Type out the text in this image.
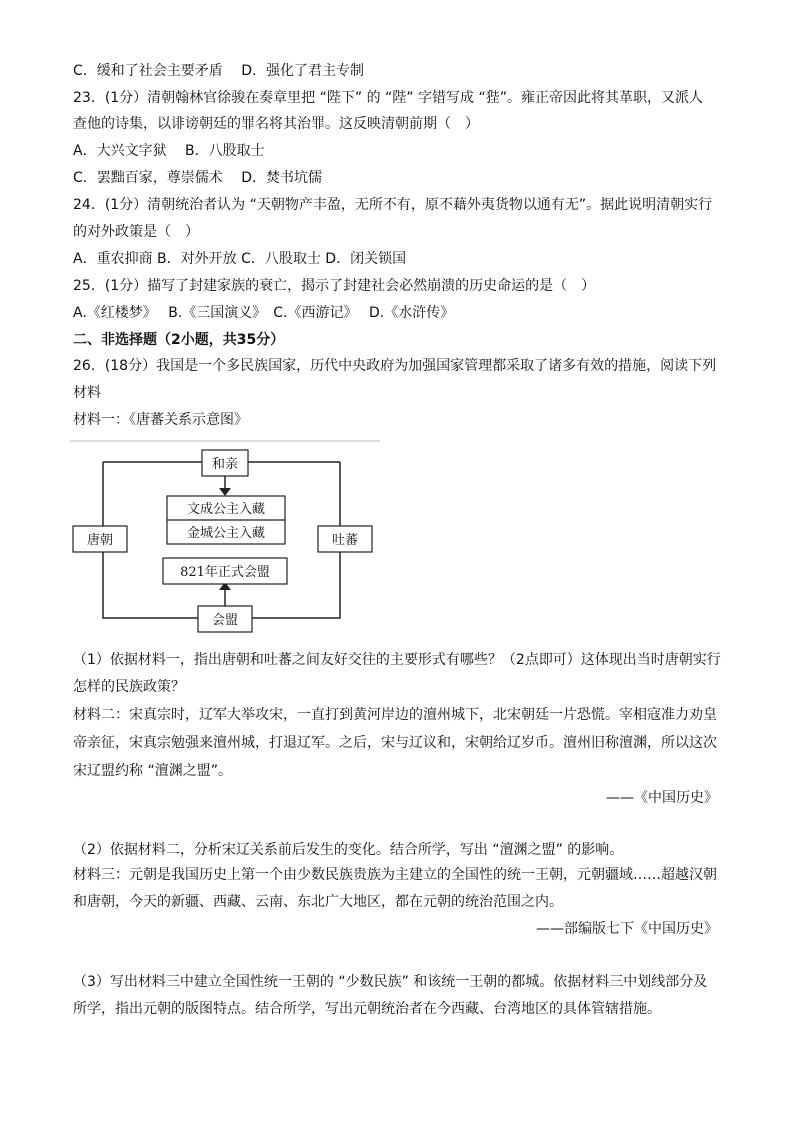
C．缓和了社会主要矛盾　 D．强化了君主专制
23．(1分）清朝翰林官徐骏在奏章里把 “陛下” 的 “陛” 字错写成 “狴”。雍正帝因此将其革职，又派人
查他的诗集，以诽谤朝廷的罪名将其治罪。这反映清朝前期（　）
A．大兴文字狱　 B．八股取士
C．罢黜百家，尊崇儒术　 D．焚书坑儒
24．(1分）清朝统治者认为 “天朝物产丰盈，无所不有，原不藉外夷货物以通有无”。据此说明清朝实行
的对外政策是（　）
A．重农抑商 B．对外开放 C．八股取士 D．闭关锁国
25．(1分）描写了封建家族的衰亡，揭示了封建社会必然崩溃的历史命运的是（　）
A.《红楼梦》　 B.《三国演义》　C.《西游记》　 D.《水浒传》
二、非选择题（2小题，共35分）
26．(18分）我国是一个多民族国家，历代中央政府为加强国家管理都采取了诸多有效的措施，阅读下列
材料
材料一：《唐蕃关系示意图》
和亲
文成公主入藏
金城公主入藏
唐朝	吐蕃
821年正式会盟
会盟
（1）依据材料一，指出唐朝和吐蕃之间友好交往的主要形式有哪些？（2点即可）这体现出当时唐朝实行
怎样的民族政策？
材料二：宋真宗时，辽军大举攻宋，一直打到黄河岸边的澶州城下，北宋朝廷一片恐慌。宰相寇准力劝皇
帝亲征，宋真宗勉强来澶州城，打退辽军。之后，宋与辽议和，宋朝给辽岁币。澶州旧称澶渊，所以这次
宋辽盟约称 “澶渊之盟”。
——《中国历史》
（2）依据材料二，分析宋辽关系前后发生的变化。结合所学，写出 “澶渊之盟” 的影响。
材料三：元朝是我国历史上第一个由少数民族贵族为主建立的全国性的统一王朝，元朝疆域……超越汉朝
和唐朝，今天的新疆、西藏、云南、东北广大地区，都在元朝的统治范围之内。
——部编版七下《中国历史》
（3）写出材料三中建立全国性统一王朝的 “少数民族” 和该统一王朝的都城。依据材料三中划线部分及
所学，指出元朝的版图特点。结合所学，写出元朝统治者在今西藏、台湾地区的具体管辖措施。
